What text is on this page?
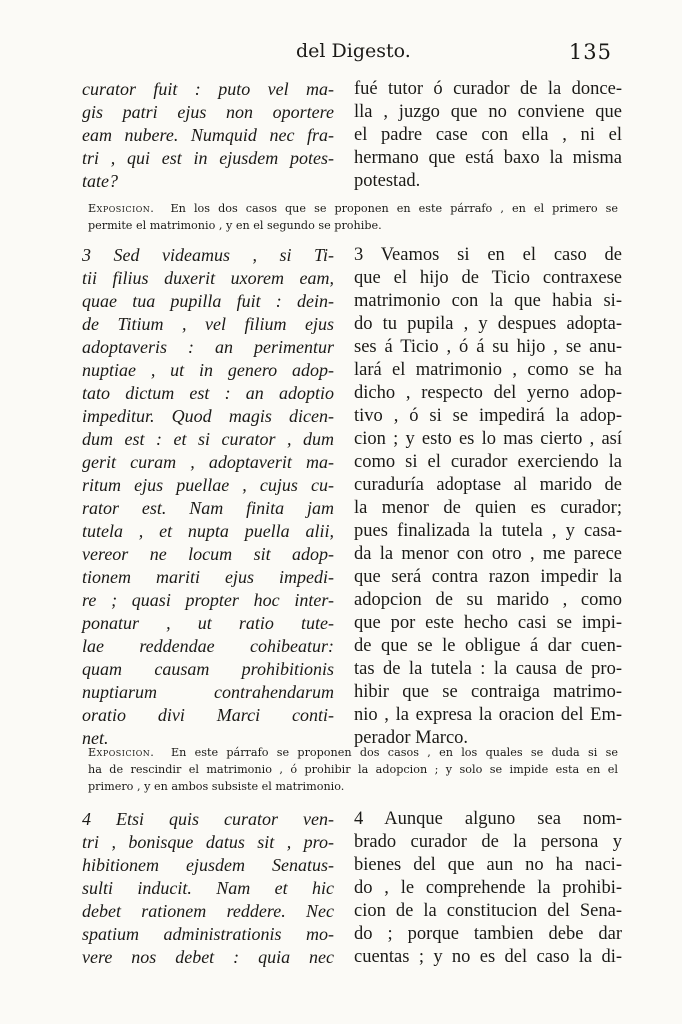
del Digesto.	135
curator fuit : puto vel ma-
gis patri ejus non oportere
eam nubere. Numquid nec fra-
tri , qui est in ejusdem potes-
tate?
fué tutor ó curador de la donce-
lla , juzgo que no conviene que
el padre case con ella , ni el
hermano que está baxo la misma
potestad.

Exposicion. En los dos casos que se proponen en este párrafo , en el primero se
permite el matrimonio , y en el segundo se prohibe.

3 Sed videamus , si Ti-
tii filius duxerit uxorem eam,
quae tua pupilla fuit : dein-
de Titium , vel filium ejus
adoptaveris : an perimentur
nuptiae , ut in genero adop-
tato dictum est : an adoptio
impeditur. Quod magis dicen-
dum est : et si curator , dum
gerit curam , adoptaverit ma-
ritum ejus puellae , cujus cu-
rator est. Nam finita jam
tutela , et nupta puella alii,
vereor ne locum sit adop-
tionem mariti ejus impedi-
re ; quasi propter hoc inter-
ponatur , ut ratio tute-
lae reddendae cohibeatur:
quam causam prohibitionis
nuptiarum contrahendarum
oratio divi Marci conti-
net.
3 Veamos si en el caso de
que el hijo de Ticio contraxese
matrimonio con la que habia si-
do tu pupila , y despues adopta-
ses á Ticio , ó á su hijo , se anu-
lará el matrimonio , como se ha
dicho , respecto del yerno adop-
tivo , ó si se impedirá la adop-
cion ; y esto es lo mas cierto , así
como si el curador exerciendo la
curaduría adoptase al marido de
la menor de quien es curador;
pues finalizada la tutela , y casa-
da la menor con otro , me parece
que será contra razon impedir la
adopcion de su marido , como
que por este hecho casi se impi-
de que se le obligue á dar cuen-
tas de la tutela : la causa de pro-
hibir que se contraiga matrimo-
nio , la expresa la oracion del Em-
perador Marco.

Exposicion. En este párrafo se proponen dos casos , en los quales se duda si se
ha de rescindir el matrimonio , ó prohibir la adopcion ; y solo se impide esta en el
primero , y en ambos subsiste el matrimonio.

4 Etsi quis curator ven-
tri , bonisque datus sit , pro-
hibitionem ejusdem Senatus-
sulti inducit. Nam et hic
debet rationem reddere. Nec
spatium administrationis mo-
vere nos debet : quia nec
4 Aunque alguno sea nom-
brado curador de la persona y
bienes del que aun no ha naci-
do , le comprehende la prohibi-
cion de la constitucion del Sena-
do ; porque tambien debe dar
cuentas ; y no es del caso la di-
